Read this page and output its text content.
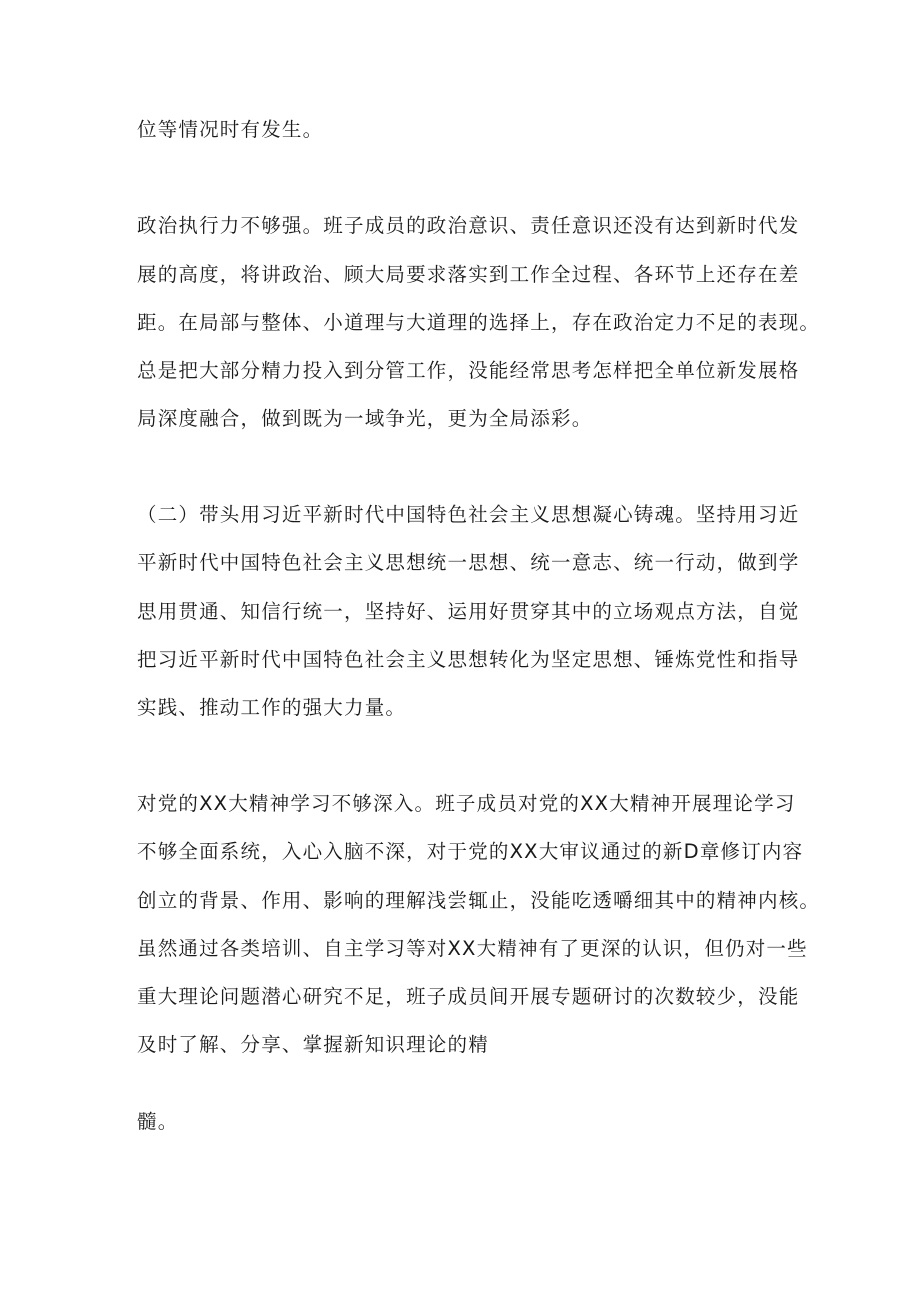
位等情况时有发生。
政治执行力不够强。班子成员的政治意识、责任意识还没有达到新时代发
展的高度，将讲政治、顾大局要求落实到工作全过程、各环节上还存在差
距。在局部与整体、小道理与大道理的选择上，存在政治定力不足的表现。
总是把大部分精力投入到分管工作，没能经常思考怎样把全单位新发展格
局深度融合，做到既为一域争光，更为全局添彩。
（二）带头用习近平新时代中国特色社会主义思想凝心铸魂。坚持用习近
平新时代中国特色社会主义思想统一思想、统一意志、统一行动，做到学
思用贯通、知信行统一，坚持好、运用好贯穿其中的立场观点方法，自觉
把习近平新时代中国特色社会主义思想转化为坚定思想、锤炼党性和指导
实践、推动工作的强大力量。
对党的XX大精神学习不够深入。班子成员对党的XX大精神开展理论学习
不够全面系统，入心入脑不深，对于党的XX大审议通过的新D章修订内容
创立的背景、作用、影响的理解浅尝辄止，没能吃透嚼细其中的精神内核。
虽然通过各类培训、自主学习等对XX大精神有了更深的认识，但仍对一些
重大理论问题潜心研究不足，班子成员间开展专题研讨的次数较少，没能
及时了解、分享、掌握新知识理论的精
髓。
